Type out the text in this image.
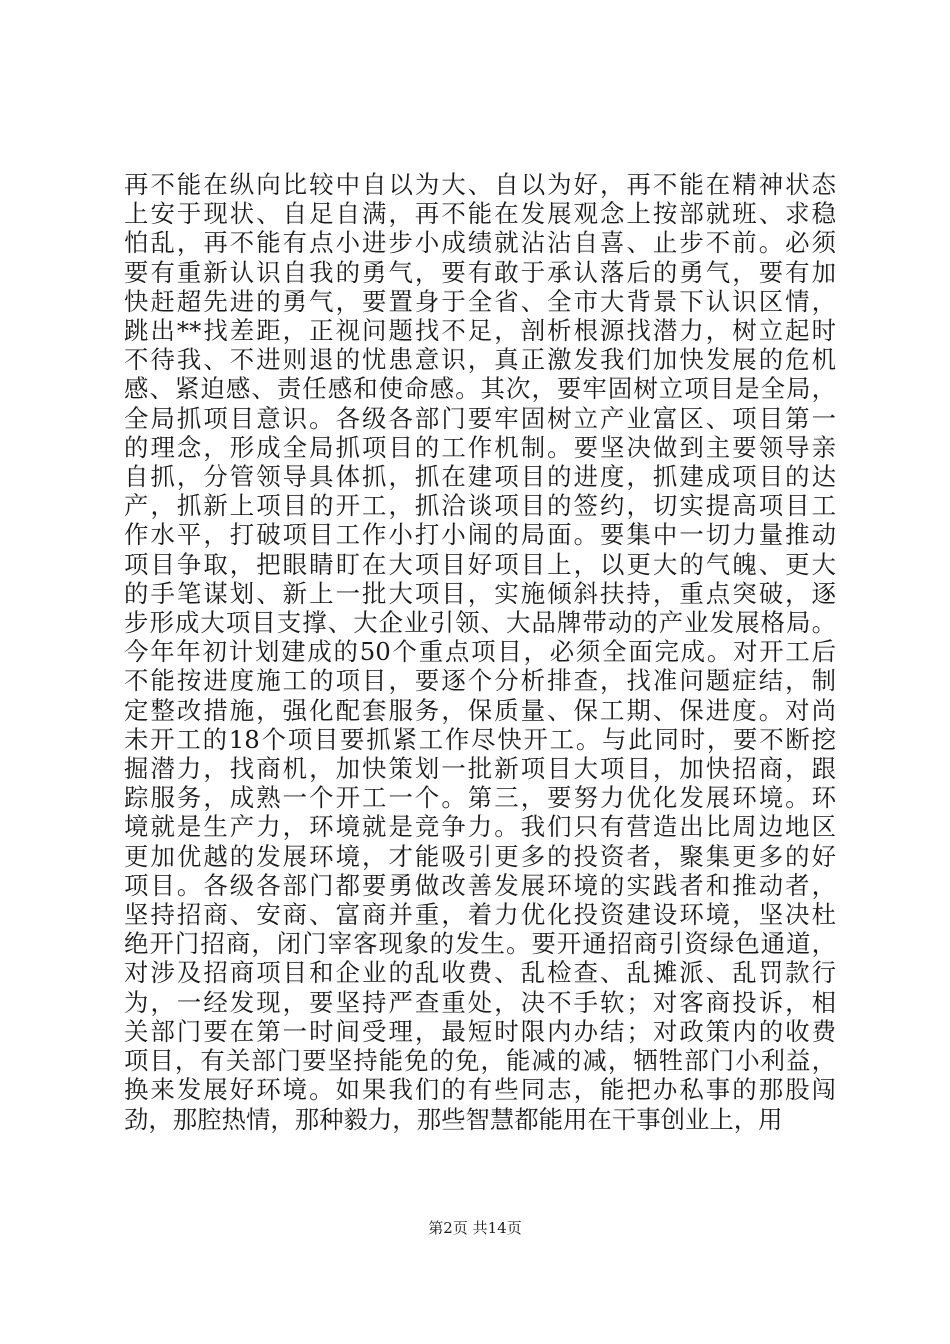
再不能在纵向比较中自以为大、自以为好，再不能在精神状态
上安于现状、自足自满，再不能在发展观念上按部就班、求稳
怕乱，再不能有点小进步小成绩就沾沾自喜、止步不前。必须
要有重新认识自我的勇气，要有敢于承认落后的勇气，要有加
快赶超先进的勇气，要置身于全省、全市大背景下认识区情，
跳出**找差距，正视问题找不足，剖析根源找潜力，树立起时
不待我、不进则退的忧患意识，真正激发我们加快发展的危机
感、紧迫感、责任感和使命感。其次，要牢固树立项目是全局，
全局抓项目意识。各级各部门要牢固树立产业富区、项目第一
的理念，形成全局抓项目的工作机制。要坚决做到主要领导亲
自抓，分管领导具体抓，抓在建项目的进度，抓建成项目的达
产，抓新上项目的开工，抓洽谈项目的签约，切实提高项目工
作水平，打破项目工作小打小闹的局面。要集中一切力量推动
项目争取，把眼睛盯在大项目好项目上，以更大的气魄、更大
的手笔谋划、新上一批大项目，实施倾斜扶持，重点突破，逐
步形成大项目支撑、大企业引领、大品牌带动的产业发展格局。
今年年初计划建成的50个重点项目，必须全面完成。对开工后
不能按进度施工的项目，要逐个分析排查，找准问题症结，制
定整改措施，强化配套服务，保质量、保工期、保进度。对尚
未开工的18个项目要抓紧工作尽快开工。与此同时，要不断挖
掘潜力，找商机，加快策划一批新项目大项目，加快招商，跟
踪服务，成熟一个开工一个。第三，要努力优化发展环境。环
境就是生产力，环境就是竞争力。我们只有营造出比周边地区
更加优越的发展环境，才能吸引更多的投资者，聚集更多的好
项目。各级各部门都要勇做改善发展环境的实践者和推动者，
坚持招商、安商、富商并重，着力优化投资建设环境，坚决杜
绝开门招商，闭门宰客现象的发生。要开通招商引资绿色通道，
对涉及招商项目和企业的乱收费、乱检查、乱摊派、乱罚款行
为，一经发现，要坚持严查重处，决不手软；对客商投诉，相
关部门要在第一时间受理，最短时限内办结；对政策内的收费
项目，有关部门要坚持能免的免，能减的减，牺牲部门小利益，
换来发展好环境。如果我们的有些同志，能把办私事的那股闯
劲，那腔热情，那种毅力，那些智慧都能用在干事创业上，用
第2页 共14页
